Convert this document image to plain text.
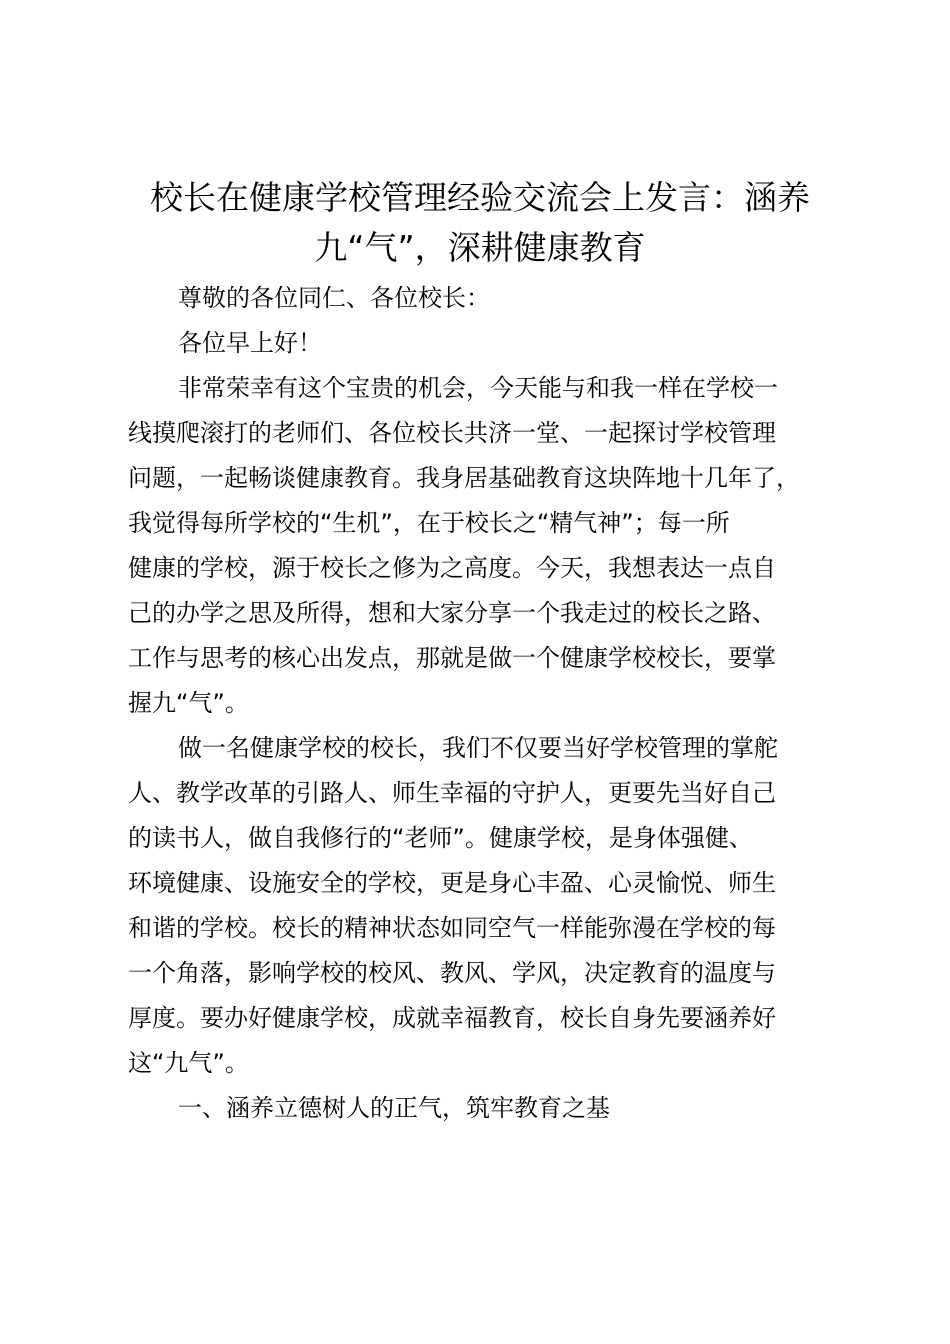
校长在健康学校管理经验交流会上发言：涵养
九“气”，深耕健康教育

尊敬的各位同仁、各位校长：

各位早上好！

非常荣幸有这个宝贵的机会，今天能与和我一样在学校一
线摸爬滚打的老师们、各位校长共济一堂、一起探讨学校管理
问题，一起畅谈健康教育。我身居基础教育这块阵地十几年了，
我觉得每所学校的“生机”，在于校长之“精气神”；每一所
健康的学校，源于校长之修为之高度。今天，我想表达一点自
己的办学之思及所得，想和大家分享一个我走过的校长之路、
工作与思考的核心出发点，那就是做一个健康学校校长，要掌
握九“气”。

做一名健康学校的校长，我们不仅要当好学校管理的掌舵
人、教学改革的引路人、师生幸福的守护人，更要先当好自己
的读书人，做自我修行的“老师”。健康学校，是身体强健、
环境健康、设施安全的学校，更是身心丰盈、心灵愉悦、师生
和谐的学校。校长的精神状态如同空气一样能弥漫在学校的每
一个角落，影响学校的校风、教风、学风，决定教育的温度与
厚度。要办好健康学校，成就幸福教育，校长自身先要涵养好
这“九气”。

一、涵养立德树人的正气，筑牢教育之基
